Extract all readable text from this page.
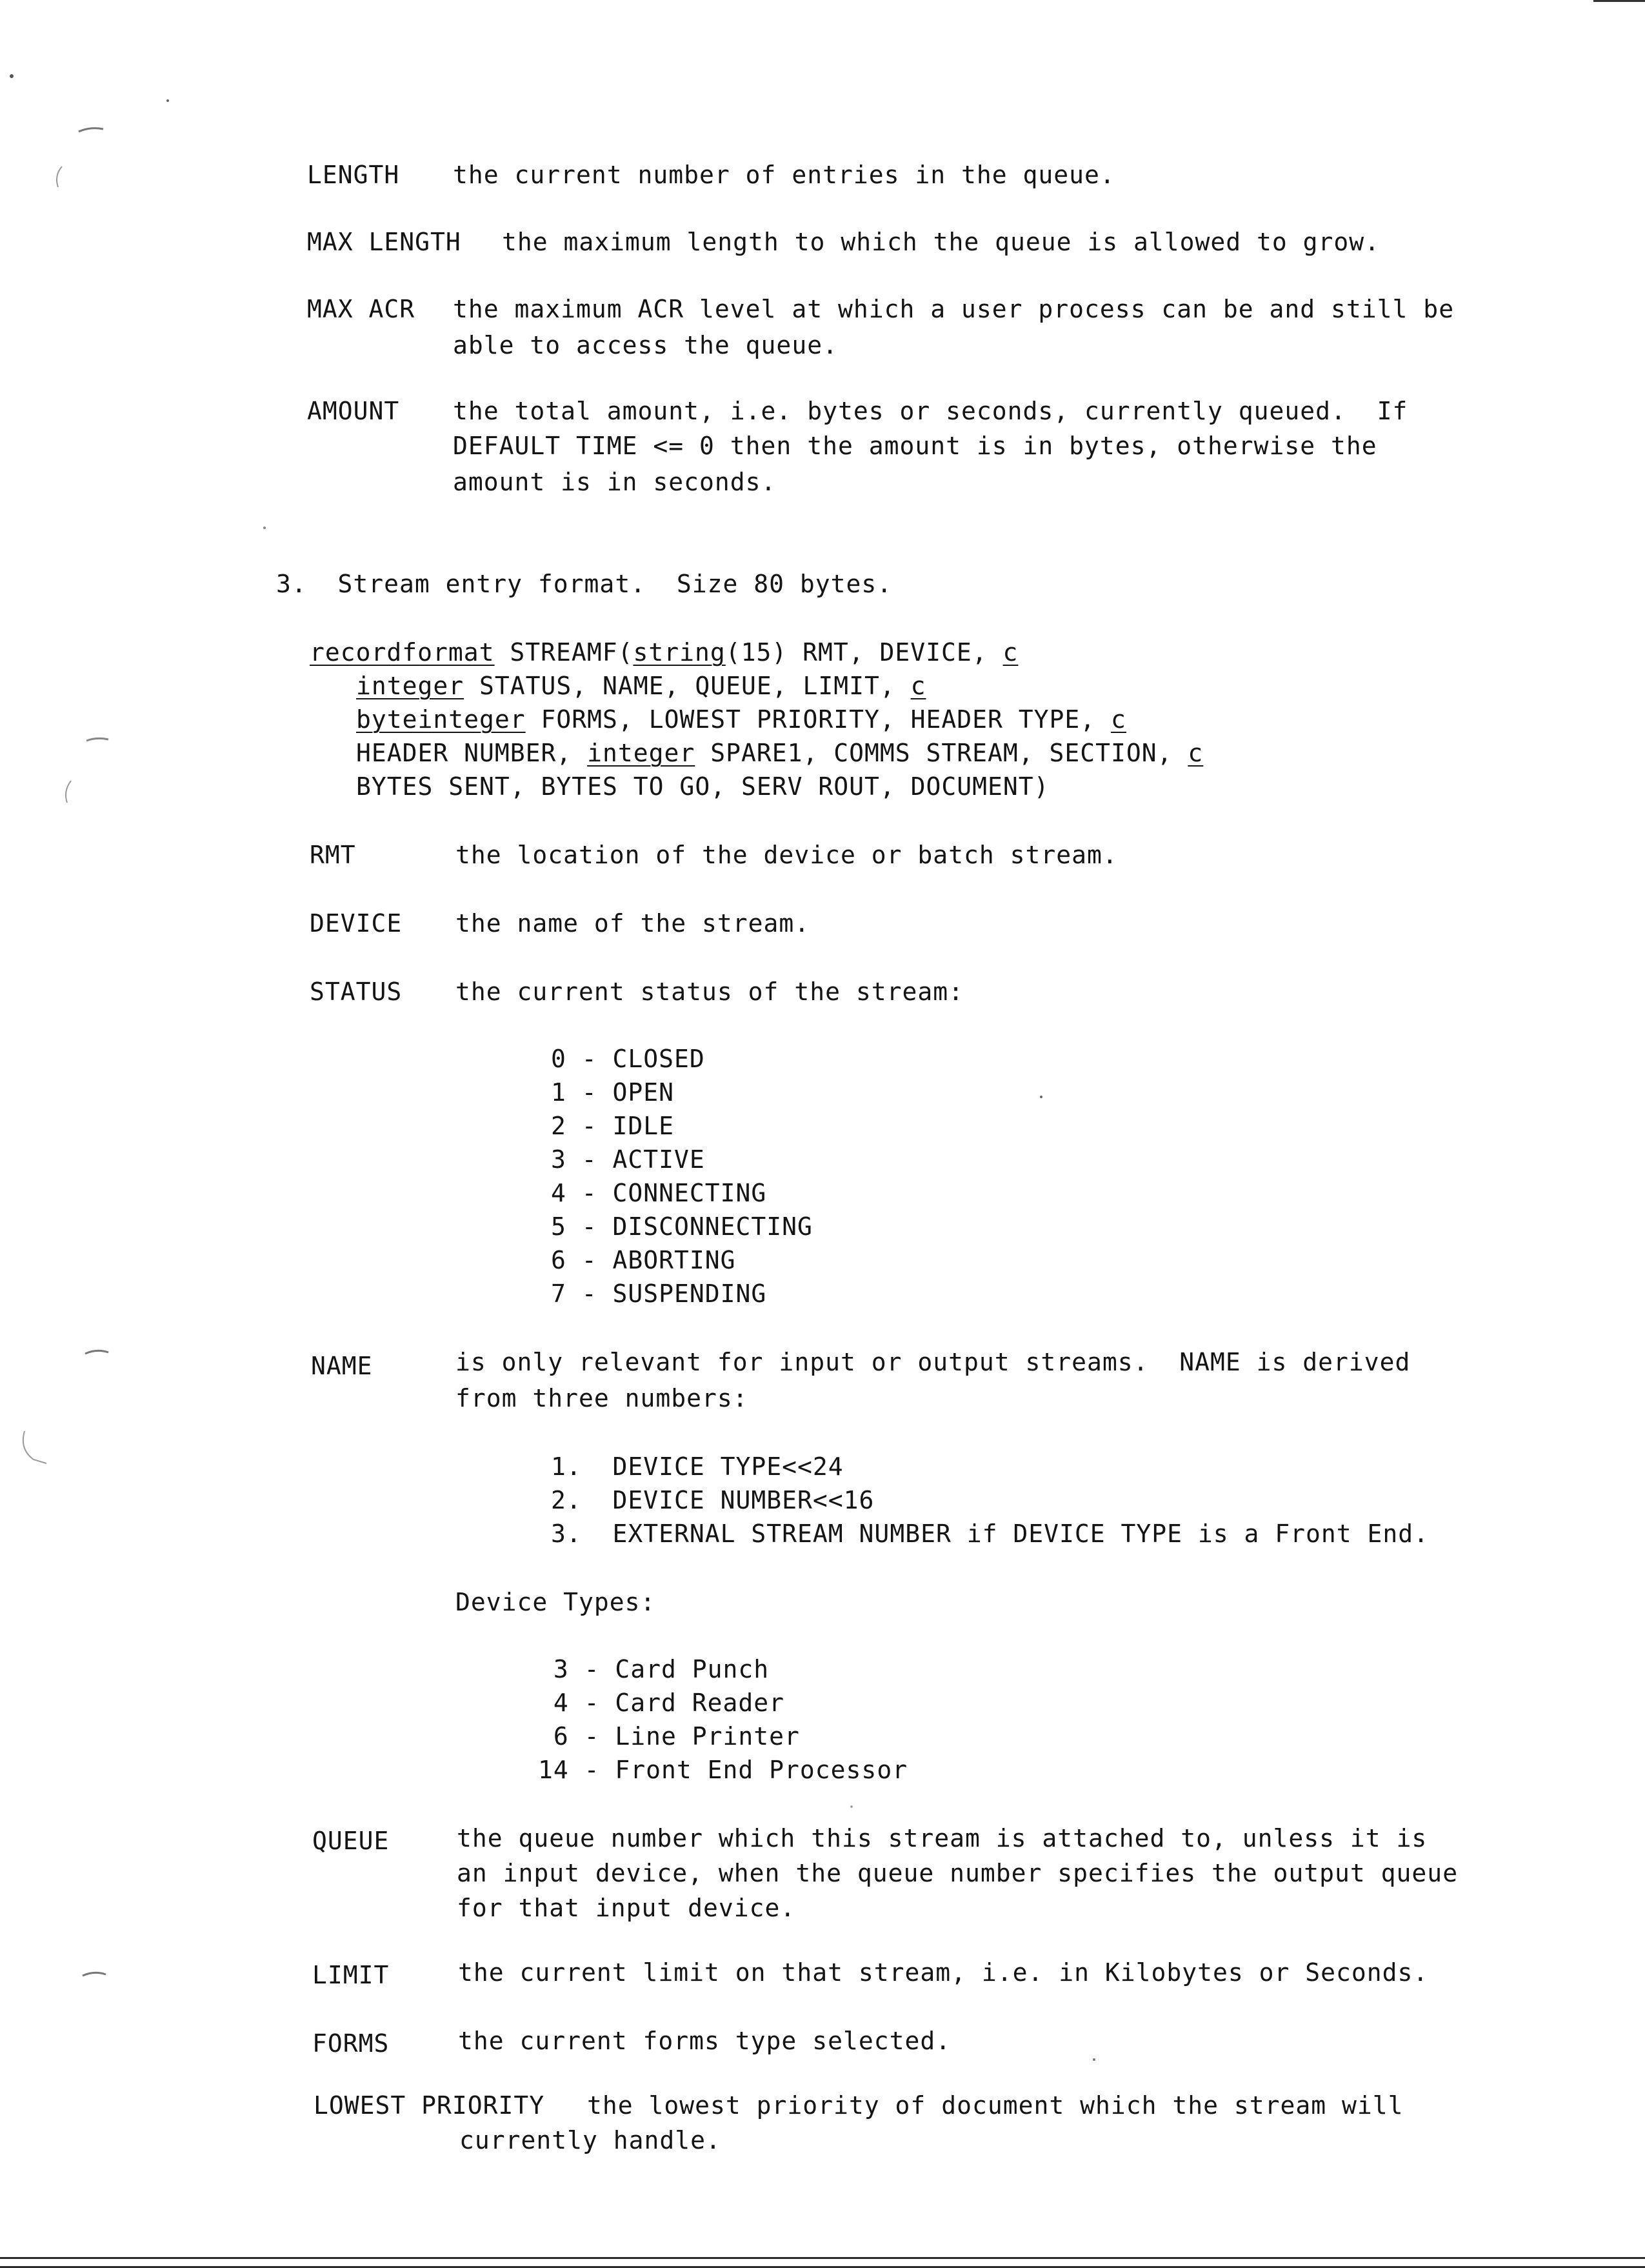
LENGTH the current number of entries in the queue.
MAX LENGTH the maximum length to which the queue is allowed to grow.
MAX ACR the maximum ACR level at which a user process can be and still be
able to access the queue.
AMOUNT the total amount, i.e. bytes or seconds, currently queued.  If
DEFAULT TIME <= 0 then the amount is in bytes, otherwise the
amount is in seconds.
3.  Stream entry format.  Size 80 bytes.
recordformat STREAMF(string(15) RMT, DEVICE, c
integer STATUS, NAME, QUEUE, LIMIT, c
byteinteger FORMS, LOWEST PRIORITY, HEADER TYPE, c
HEADER NUMBER, integer SPARE1, COMMS STREAM, SECTION, c
BYTES SENT, BYTES TO GO, SERV ROUT, DOCUMENT)
RMT	the location of the device or batch stream.
DEVICE the name of the stream.
STATUS the current status of the stream:
0 - CLOSED
1 - OPEN
2 - IDLE
3 - ACTIVE
4 - CONNECTING
5 - DISCONNECTING
6 - ABORTING
7 - SUSPENDING
NAME	is only relevant for input or output streams.  NAME is derived
from three numbers:
1.  DEVICE TYPE<<24
2.  DEVICE NUMBER<<16
3.  EXTERNAL STREAM NUMBER if DEVICE TYPE is a Front End.
Device Types:
3 - Card Punch
4 - Card Reader
6 - Line Printer
14 - Front End Processor
QUEUE	the queue number which this stream is attached to, unless it is
an input device, when the queue number specifies the output queue
for that input device.
LIMIT	the current limit on that stream, i.e. in Kilobytes or Seconds.
FORMS	the current forms type selected.
LOWEST PRIORITY the lowest priority of document which the stream will
currently handle.
